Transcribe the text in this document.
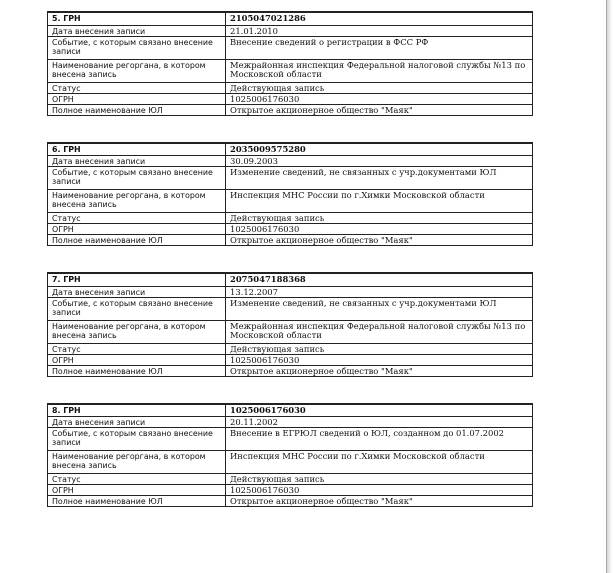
5. ГРН	2105047021286
Дата внесения записи	21.01.2010
Событие, с которым связано внесение записи	Внесение сведений о регистрации в ФСС РФ
Наименование регоргана, в котором внесена запись	Межрайонная инспекция Федеральной налоговой службы №13 по Московской области
Статус	Действующая запись
ОГРН	1025006176030
Полное наименование ЮЛ	Открытое акционерное общество "Маяк"
6. ГРН	2035009575280
Дата внесения записи	30.09.2003
Событие, с которым связано внесение записи	Изменение сведений, не связанных с учр.документами ЮЛ
Наименование регоргана, в котором внесена запись	Инспекция МНС России по г.Химки Московской области
Статус	Действующая запись
ОГРН	1025006176030
Полное наименование ЮЛ	Открытое акционерное общество "Маяк"
7. ГРН	2075047188368
Дата внесения записи	13.12.2007
Событие, с которым связано внесение записи	Изменение сведений, не связанных с учр.документами ЮЛ
Наименование регоргана, в котором внесена запись	Межрайонная инспекция Федеральной налоговой службы №13 по Московской области
Статус	Действующая запись
ОГРН	1025006176030
Полное наименование ЮЛ	Открытое акционерное общество "Маяк"
8. ГРН	1025006176030
Дата внесения записи	20.11.2002
Событие, с которым связано внесение записи	Внесение в ЕГРЮЛ сведений о ЮЛ, созданном до 01.07.2002
Наименование регоргана, в котором внесена запись	Инспекция МНС России по г.Химки Московской области
Статус	Действующая запись
ОГРН	1025006176030
Полное наименование ЮЛ	Открытое акционерное общество "Маяк"
